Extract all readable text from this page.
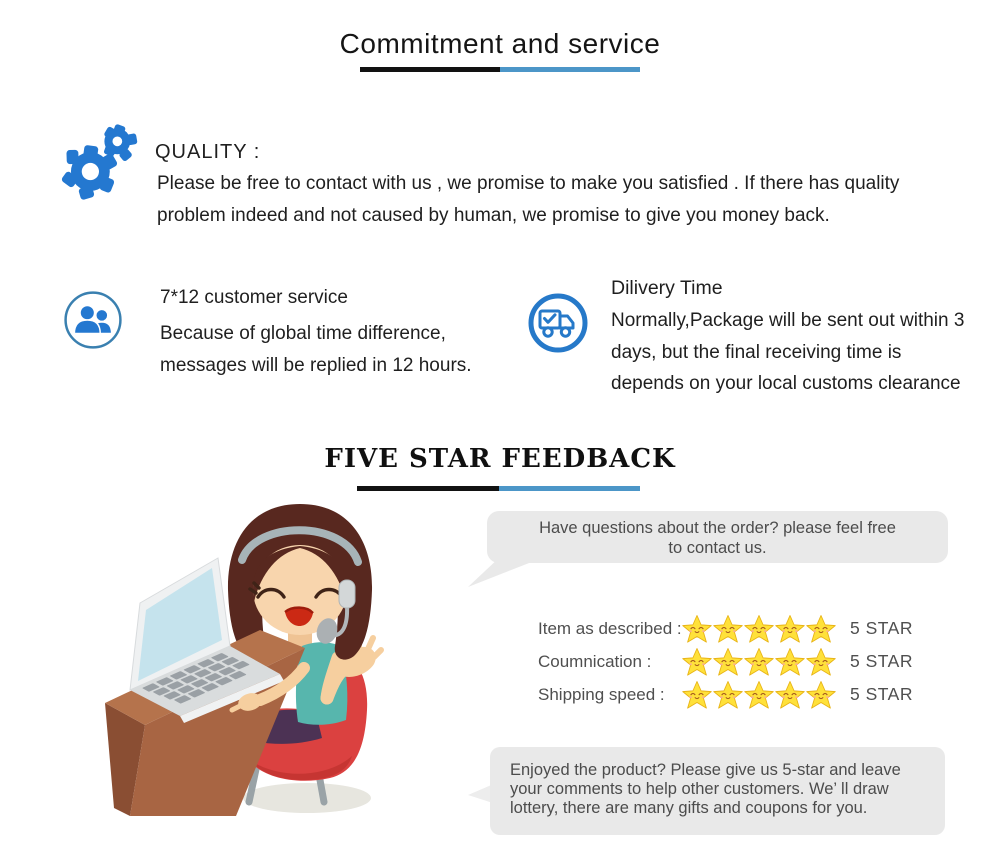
Commitment and service
QUALITY :
Please be free to contact with us , we promise to make you satisfied . If there has quality problem indeed and not caused by human, we promise to give you money back.
7*12 customer service
Because of global time difference,
messages will be replied in 12 hours.
Dilivery Time
Normally,Package will be sent out within 3 days, but the final receiving time is depends on your local customs clearance
FIVE STAR FEEDBACK
Have questions about the order? please feel free to contact us.
Item as described :	5 STAR
Coumnication :	5 STAR
Shipping speed :	5 STAR
Enjoyed the product? Please give us 5-star and leave your comments to help other customers. We’ ll draw lottery, there are many gifts and coupons for you.
